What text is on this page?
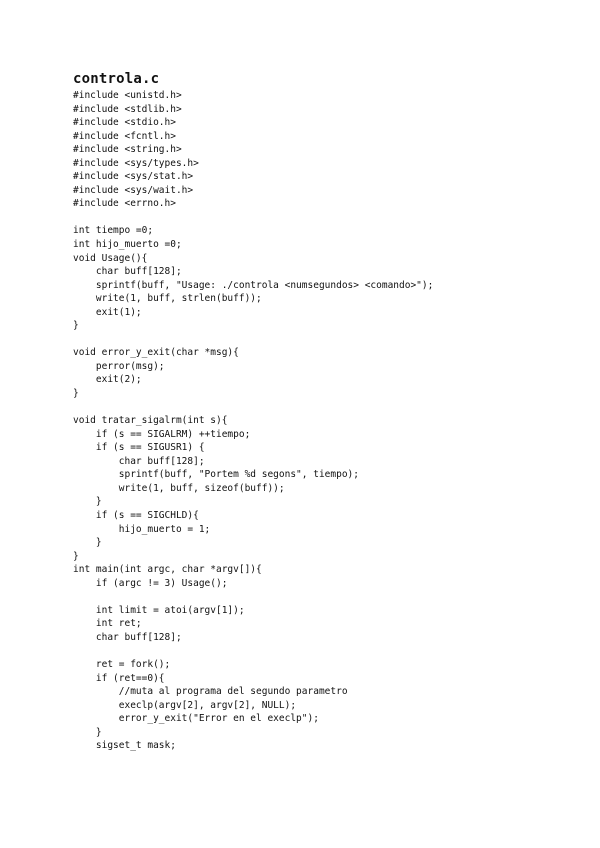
controla.c
#include <unistd.h>
#include <stdlib.h>
#include <stdio.h>
#include <fcntl.h>
#include <string.h>
#include <sys/types.h>
#include <sys/stat.h>
#include <sys/wait.h>
#include <errno.h>
int tiempo =0;
int hijo_muerto =0;
void Usage(){
char buff[128];
sprintf(buff, "Usage: ./controla <numsegundos> <comando>");
write(1, buff, strlen(buff));
exit(1);
}
void error_y_exit(char *msg){
perror(msg);
exit(2);
}
void tratar_sigalrm(int s){
if (s == SIGALRM) ++tiempo;
if (s == SIGUSR1) {
char buff[128];
sprintf(buff, "Portem %d segons", tiempo);
write(1, buff, sizeof(buff));
}
if (s == SIGCHLD){
hijo_muerto = 1;
}
}
int main(int argc, char *argv[]){
if (argc != 3) Usage();
int limit = atoi(argv[1]);
int ret;
char buff[128];
ret = fork();
if (ret==0){
//muta al programa del segundo parametro
execlp(argv[2], argv[2], NULL);
error_y_exit("Error en el execlp");
}
sigset_t mask;
